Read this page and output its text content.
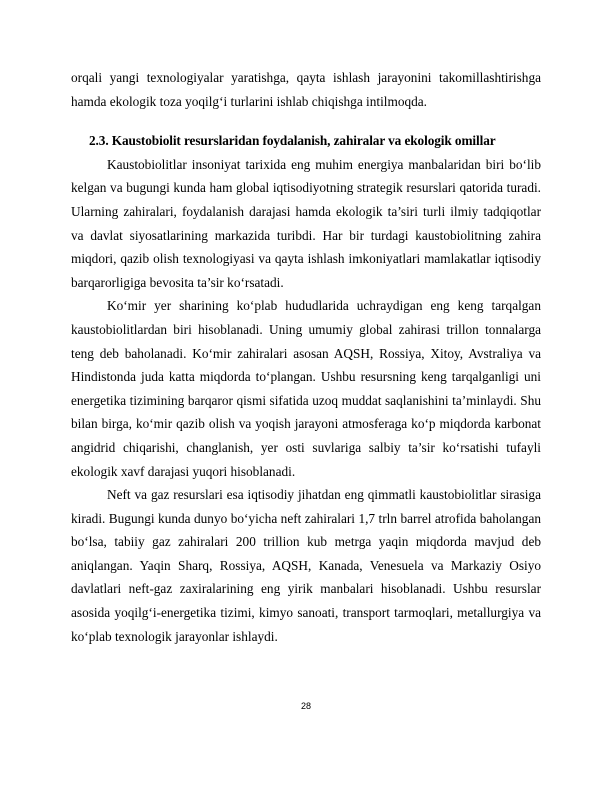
orqali yangi texnologiyalar yaratishga, qayta ishlash jarayonini takomillashtirishga hamda ekologik toza yoqilg‘i turlarini ishlab chiqishga intilmoqda.

2.3. Kaustobiolit resurslaridan foydalanish, zahiralar va ekologik omillar

Kaustobiolitlar insoniyat tarixida eng muhim energiya manbalaridan biri bo‘lib kelgan va bugungi kunda ham global iqtisodiyotning strategik resurslari qatorida turadi. Ularning zahiralari, foydalanish darajasi hamda ekologik ta’siri turli ilmiy tadqiqotlar va davlat siyosatlarining markazida turibdi. Har bir turdagi kaustobiolitning zahira miqdori, qazib olish texnologiyasi va qayta ishlash imkoniyatlari mamlakatlar iqtisodiy barqarorligiga bevosita ta’sir ko‘rsatadi.

Ko‘mir yer sharining ko‘plab hududlarida uchraydigan eng keng tarqalgan kaustobiolitlardan biri hisoblanadi. Uning umumiy global zahirasi trillon tonnalarga teng deb baholanadi. Ko‘mir zahiralari asosan AQSH, Rossiya, Xitoy, Avstraliya va Hindistonda juda katta miqdorda to‘plangan. Ushbu resursning keng tarqalganligi uni energetika tizimining barqaror qismi sifatida uzoq muddat saqlanishini ta’minlaydi. Shu bilan birga, ko‘mir qazib olish va yoqish jarayoni atmosferaga ko‘p miqdorda karbonat angidrid chiqarishi, changlanish, yer osti suvlariga salbiy ta’sir ko‘rsatishi tufayli ekologik xavf darajasi yuqori hisoblanadi.

Neft va gaz resurslari esa iqtisodiy jihatdan eng qimmatli kaustobiolitlar sirasiga kiradi. Bugungi kunda dunyo bo‘yicha neft zahiralari 1,7 trln barrel atrofida baholangan bo‘lsa, tabiiy gaz zahiralari 200 trillion kub metrga yaqin miqdorda mavjud deb aniqlangan. Yaqin Sharq, Rossiya, AQSH, Kanada, Venesuela va Markaziy Osiyo davlatlari neft-gaz zaxiralarining eng yirik manbalari hisoblanadi. Ushbu resurslar asosida yoqilg‘i-energetika tizimi, kimyo sanoati, transport tarmoqlari, metallurgiya va ko‘plab texnologik jarayonlar ishlaydi.

28
